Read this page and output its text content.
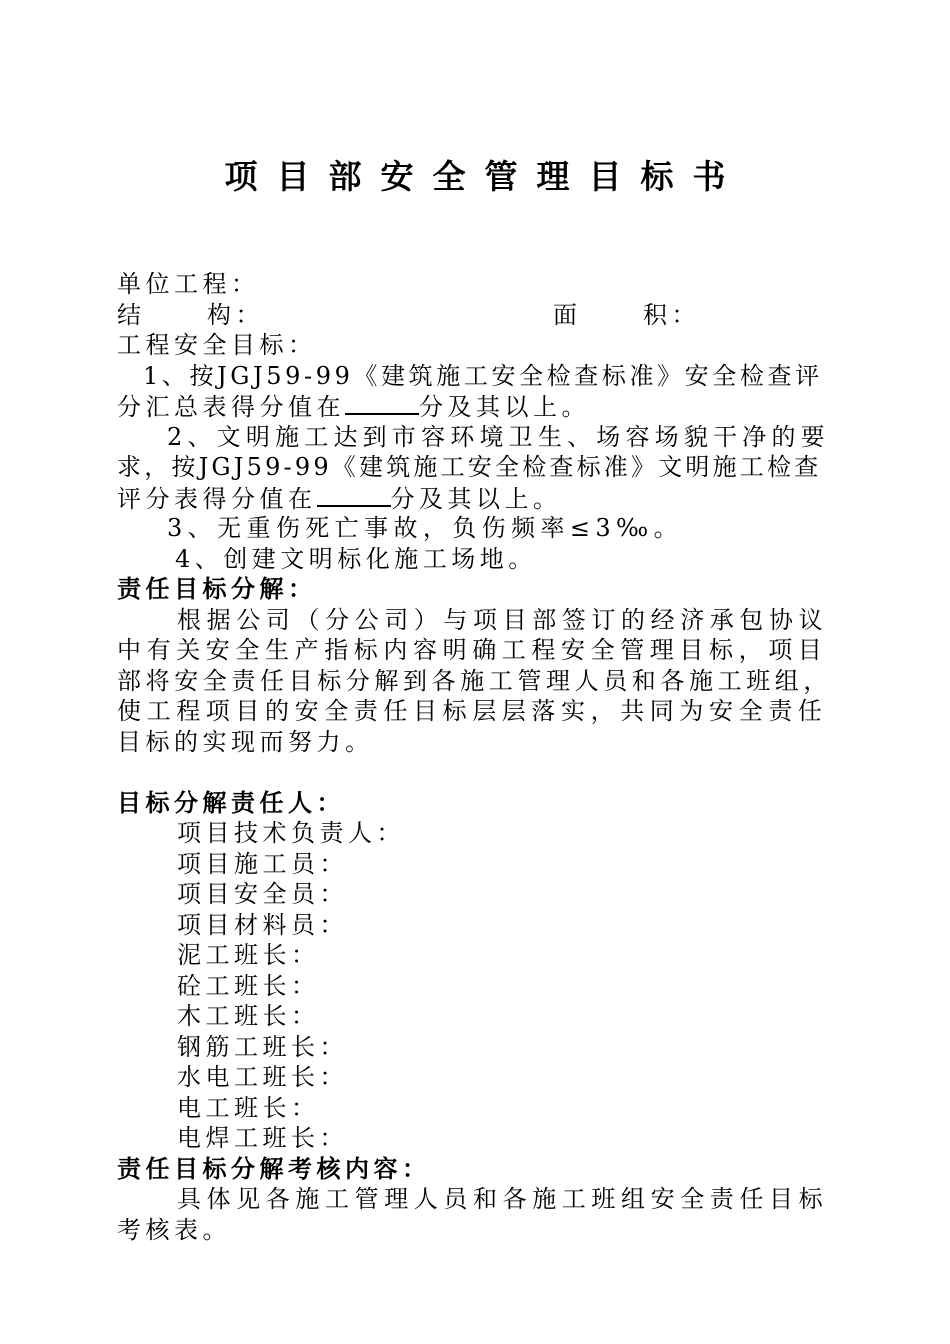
项目部安全管理目标书
单位工程：
结	构：	面	积：
工程安全目标：
1、按JGJ59-99《建筑施工安全检查标准》安全检查评
分汇总表得分值在	分及其以上。
2、文明施工达到市容环境卫生、场容场貌干净的要
求，按JGJ59-99《建筑施工安全检查标准》文明施工检查
评分表得分值在	分及其以上。
3、无重伤死亡事故，负伤频率≤3‰。
4、创建文明标化施工场地。
责任目标分解：
根据公司（分公司）与项目部签订的经济承包协议
中有关安全生产指标内容明确工程安全管理目标，项目
部将安全责任目标分解到各施工管理人员和各施工班组，
使工程项目的安全责任目标层层落实，共同为安全责任
目标的实现而努力。
目标分解责任人：
项目技术负责人：
项目施工员：
项目安全员：
项目材料员：
泥工班长：
砼工班长：
木工班长：
钢筋工班长：
水电工班长：
电工班长：
电焊工班长：
责任目标分解考核内容：
具体见各施工管理人员和各施工班组安全责任目标
考核表。
